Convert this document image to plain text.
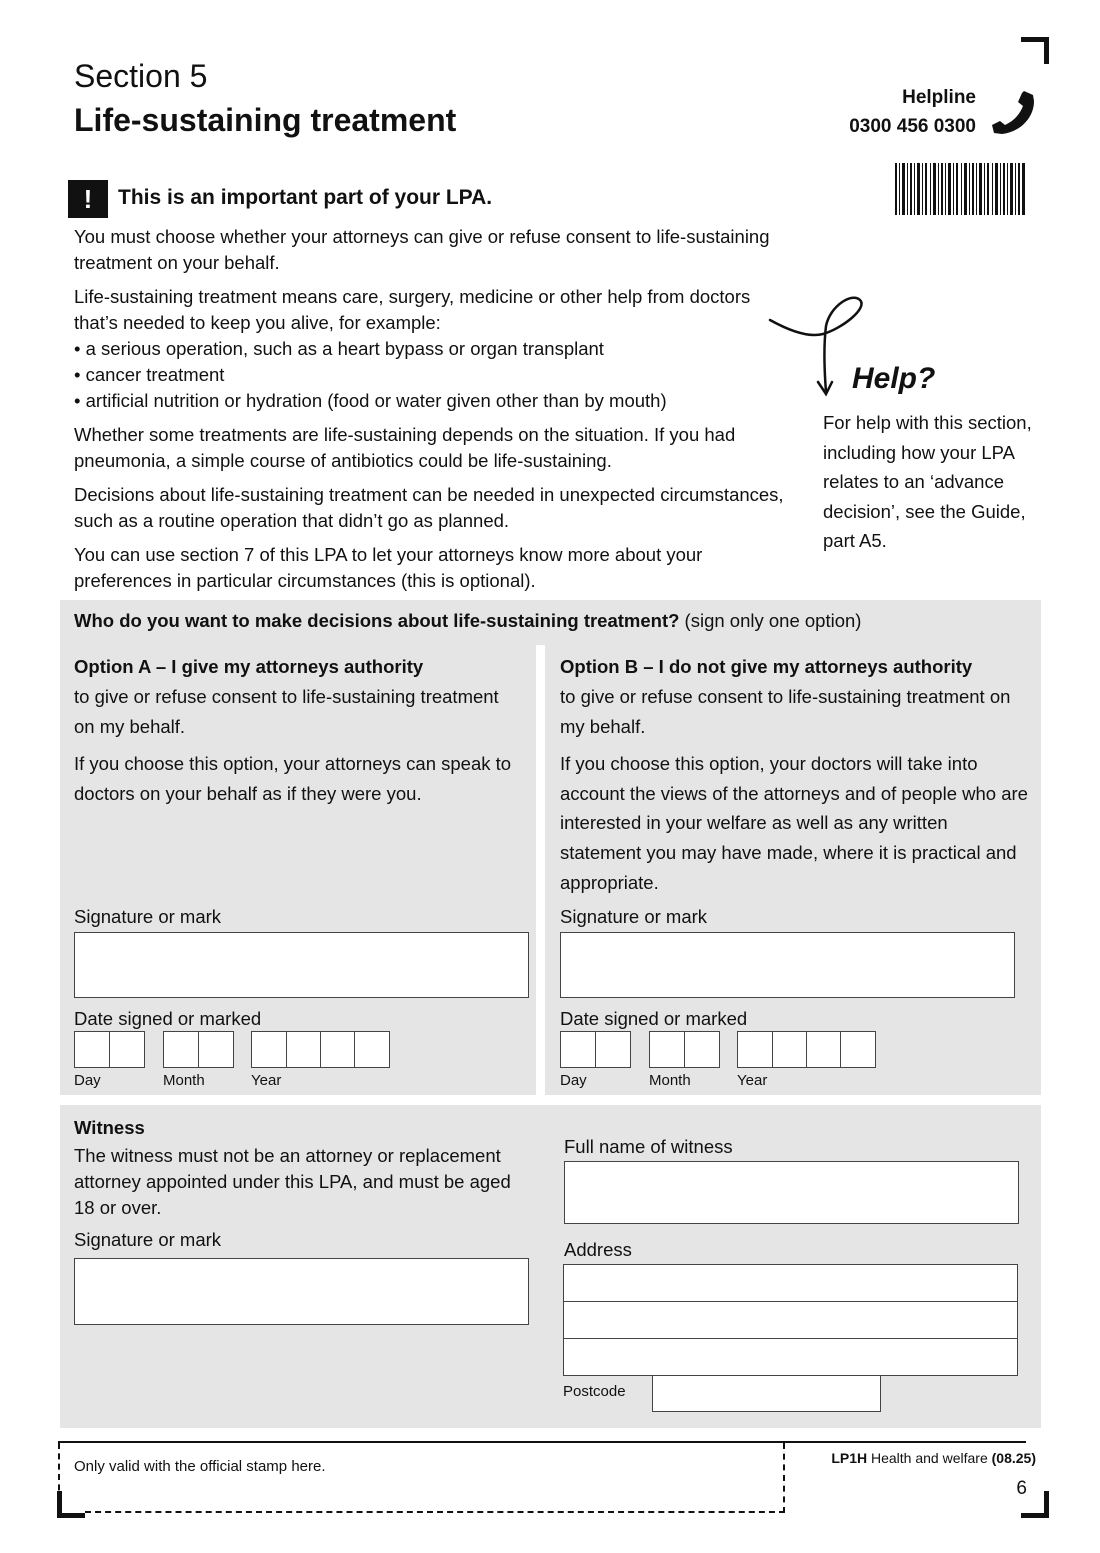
Section 5
Life-sustaining treatment
Helpline
0300 456 0300
!	This is an important part of your LPA.

You must choose whether your attorneys can give or refuse consent to life-sustaining treatment on your behalf.

Life-sustaining treatment means care, surgery, medicine or other help from doctors that’s needed to keep you alive, for example:
• a serious operation, such as a heart bypass or organ transplant
• cancer treatment
• artificial nutrition or hydration (food or water given other than by mouth)

Whether some treatments are life-sustaining depends on the situation. If you had pneumonia, a simple course of antibiotics could be life-sustaining.

Decisions about life-sustaining treatment can be needed in unexpected circumstances, such as a routine operation that didn’t go as planned.

You can use section 7 of this LPA to let your attorneys know more about your preferences in particular circumstances (this is optional).

Help?
For help with this section, including how your LPA relates to an ‘advance decision’, see the Guide, part A5.
Who do you want to make decisions about life-sustaining treatment? (sign only one option)
Option A – I give my attorneys authority

to give or refuse consent to life-sustaining treatment on my behalf.

If you choose this option, your attorneys can speak to doctors on your behalf as if they were you.

Signature or mark
Date signed or marked
Day	Month	Year
Option B – I do not give my attorneys authority

to give or refuse consent to life-sustaining treatment on my behalf.

If you choose this option, your doctors will take into account the views of the attorneys and of people who are interested in your welfare as well as any written statement you may have made, where it is practical and appropriate.

Signature or mark
Date signed or marked
Day	Month	Year
Witness
The witness must not be an attorney or replacement attorney appointed under this LPA, and must be aged 18 or over.
Signature or mark
Full name of witness
Address
Postcode
Only valid with the official stamp here.	LP1H Health and welfare (08.25)
6
